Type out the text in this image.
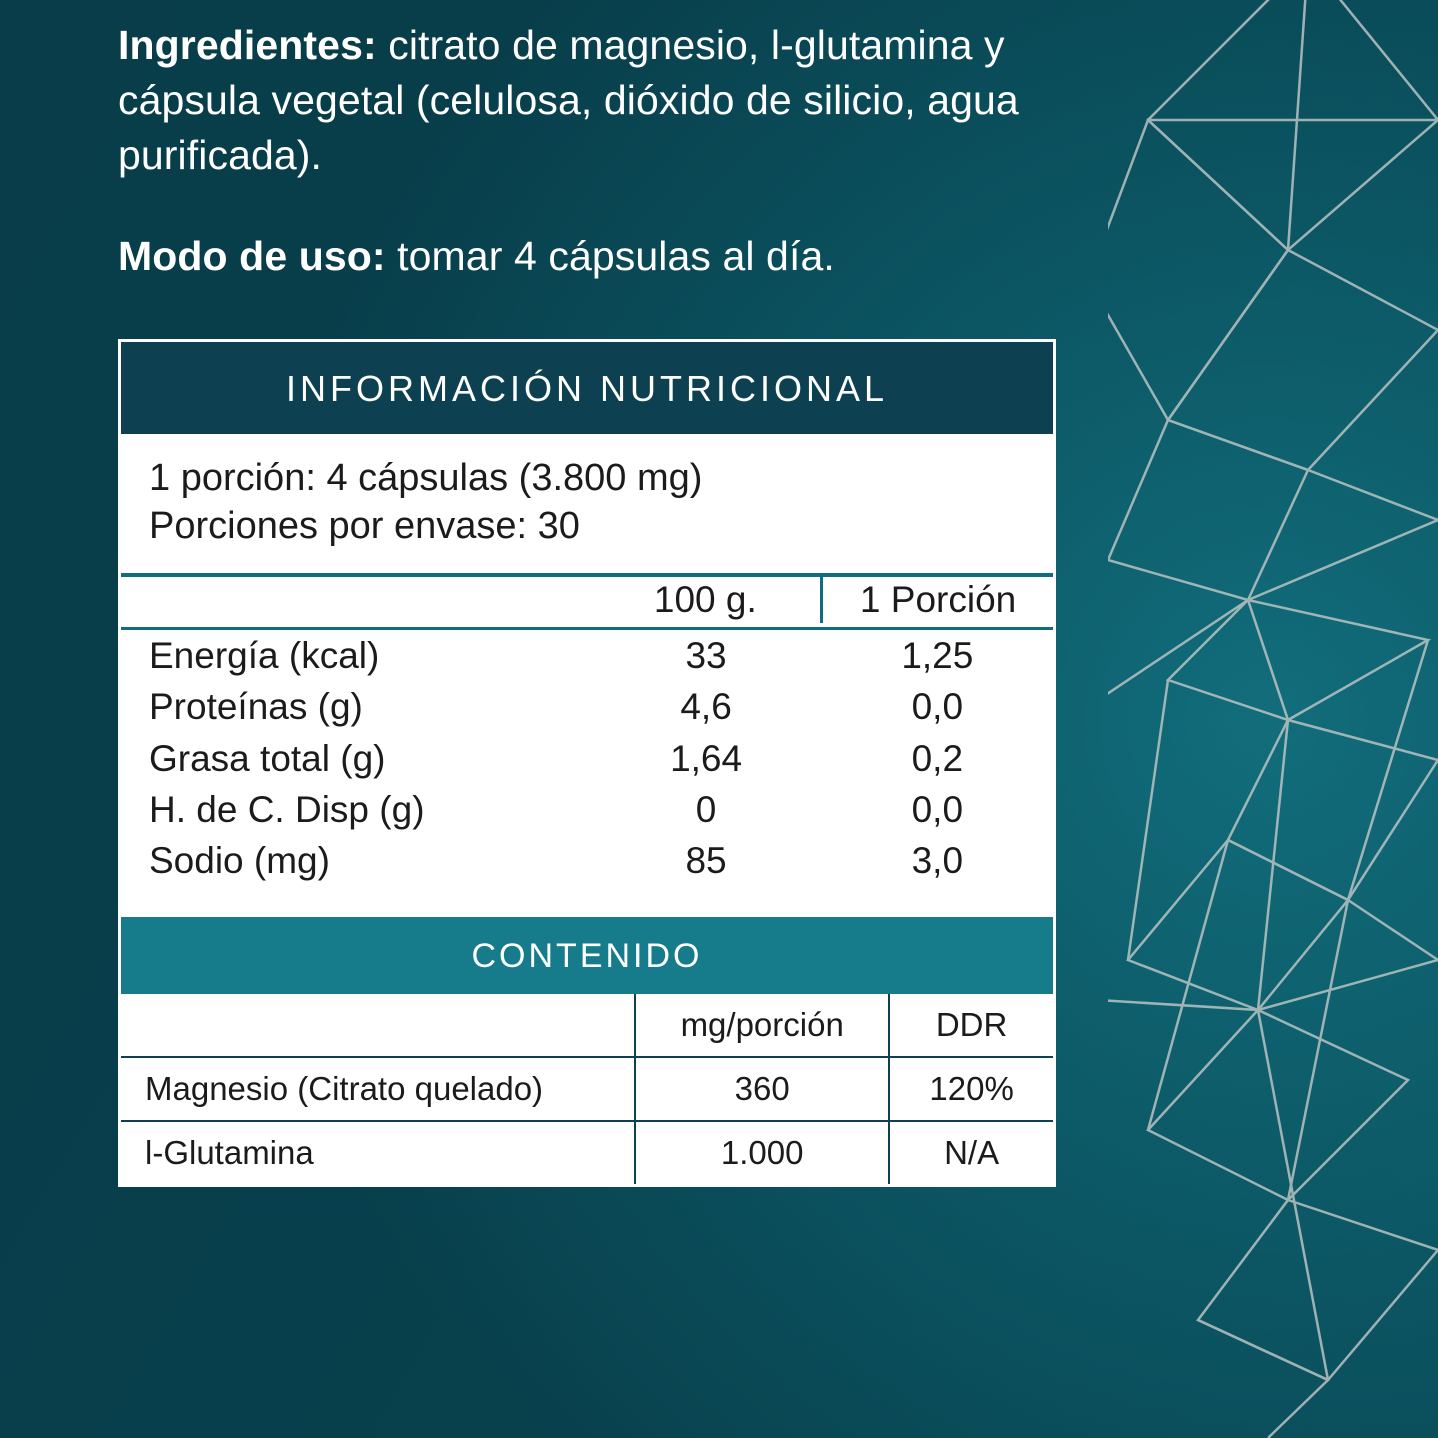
Ingredientes: citrato de magnesio, l-glutamina y cápsula vegetal (celulosa, dióxido de silicio, agua purificada).

Modo de uso: tomar 4 cápsulas al día.

INFORMACIÓN NUTRICIONAL
1 porción: 4 cápsulas (3.800 mg)
Porciones por envase: 30
	100 g.	1 Porción

Energía (kcal)	33	1,25
Proteínas (g)	4,6	0,0
Grasa total (g)	1,64	0,2
H. de C. Disp (g)	0	0,0
Sodio (mg)	85	3,0

CONTENIDO
	mg/porción	DDR
Magnesio (Citrato quelado)	360	120%
l-Glutamina	1.000	N/A
